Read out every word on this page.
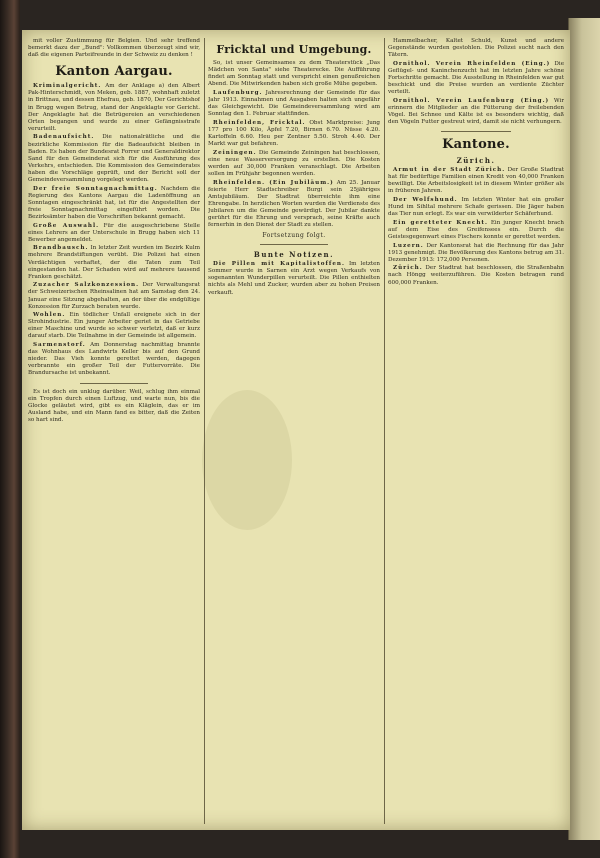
mit voller Zustimmung für Belgien. Und sehr treffend bemerkt dazu der „Bund": Vollkommen überzeugt sind wir, daß die eigenen Parteifreunde in der Schweiz zu denken !

Kanton Aargau.

Kriminalgericht. Am der Anklage a) den Albert Pak-Hinterschmidt, von Meken, geb. 1887, wohnhaft zuletzt in Brittnau, und dessen Ehefrau, geb. 1870, Der Gerichtshof in Brugg wegen Betrug, stand der Angeklagte vor Gericht. Der Angeklagte hat die Betrügereien an verschiedenen Orten begangen und wurde zu einer Gefängnisstrafe verurteilt.

Badenaufsicht. Die nationalrätliche und die bezirkliche Kommission für die Badeaufsicht bleiben in Baden. Es haben der Bundesrat Forrer und Generaldirektor Sand für den Gemeinderat sich für die Ausführung des Verkehrs, entschieden. Die Kommission des Gemeinderates haben die Vorschläge geprüft, und der Bericht soll der Gemeindeversammlung vorgelegt werden.

Der freie Sonntagnachmittag. Nachdem die Regierung des Kantons Aargau die Ladenöffnung an Sonntagen eingeschränkt hat, ist für die Angestellten der freie Sonntagnachmittag eingeführt worden. Die Bezirksämter haben die Vorschriften bekannt gemacht.

Große Auswahl. Für die ausgeschriebene Stelle eines Lehrers an der Unterschule in Brugg haben sich 11 Bewerber angemeldet.

Brandbausch. In letzter Zeit wurden im Bezirk Kulm mehrere Brandstiftungen verübt. Die Polizei hat einen Verdächtigen verhaftet, der die Taten zum Teil eingestanden hat. Der Schaden wird auf mehrere tausend Franken geschätzt.

Zuzacher Salzkonzession. Der Verwaltungsrat der Schweizerischen Rheinsalinen hat am Samstag den 24. Januar eine Sitzung abgehalten, an der über die endgültige Konzession für Zurzach beraten wurde.

Wohlen. Ein tödlicher Unfall ereignete sich in der Strohindustrie. Ein junger Arbeiter geriet in das Getriebe einer Maschine und wurde so schwer verletzt, daß er kurz darauf starb. Die Teilnahme in der Gemeinde ist allgemein.

Sarmenstorf. Am Donnerstag nachmittag brannte das Wohnhaus des Landwirts Keller bis auf den Grund nieder. Das Vieh konnte gerettet werden, dagegen verbrannte ein großer Teil der Futtervorräte. Die Brandursache ist unbekannt.

Es ist doch ein unklug darüber. Weil, schlug ihm einmal ein Tropfen durch einen Luftzug, und warte nun, bis die Glocke geläutet wird, gibt es ein Kläglein, das er im Ausland habe, und ein Mann fand es bitter, daß die Zeiten so hart sind.

Fricktal und Umgebung.

So, ist unser Gemeinsames zu dem Theaterstück „Das Mädchen von Santa" siehe Theaterecke. Die Aufführung findet am Sonntag statt und verspricht einen genußreichen Abend. Die Mitwirkenden haben sich große Mühe gegeben.

Laufenburg. Jahresrechnung der Gemeinde für das Jahr 1913. Einnahmen und Ausgaben halten sich ungefähr das Gleichgewicht. Die Gemeindeversammlung wird am Sonntag den 1. Februar stattfinden.

Rheinfelden, Fricktal. Obst Marktpreise: Jung 177 pro 100 Kilo, Äpfel 7.20, Birnen 6.70. Nüsse 4.20. Kartoffeln 6.60. Heu per Zentner 5.50. Stroh 4.40. Der Markt war gut befahren.

Zeiningen. Die Gemeinde Zeiningen hat beschlossen, eine neue Wasserversorgung zu erstellen. Die Kosten werden auf 30,000 Franken veranschlagt. Die Arbeiten sollen im Frühjahr begonnen werden.

Rheinfelden. (Ein Jubiläum.) Am 25. Januar feierte Herr Stadtschreiber Burgi sein 25jähriges Amtsjubiläum. Der Stadtrat überreichte ihm eine Ehrengabe. In herzlichen Worten wurden die Verdienste des Jubilaren um die Gemeinde gewürdigt. Der Jubilar dankte gerührt für die Ehrung und versprach, seine Kräfte auch fernerhin in den Dienst der Stadt zu stellen.

Fortsetzung folgt.
Bunte Notizen.

Die Pillen mit Kapitalistoffen. Im letzten Sommer wurde in Sarnen ein Arzt wegen Verkaufs von sogenannten Wunderpillen verurteilt. Die Pillen enthielten nichts als Mehl und Zucker, wurden aber zu hohen Preisen verkauft.

Hammelbacher, Kaltet Schuld, Kunst und andere Gegenstände wurden gestohlen. Die Polizei sucht nach den Tätern.

Ornithol. Verein Rheinfelden (Eing.) Die Geflügel- und Kaninchenzucht hat im letzten Jahre schöne Fortschritte gemacht. Die Ausstellung in Rheinfelden war gut beschickt und die Preise wurden an verdiente Züchter verteilt.

Ornithol. Verein Laufenburg (Eing.) Wir erinnern die Mitglieder an die Fütterung der freilebenden Vögel. Bei Schnee und Kälte ist es besonders wichtig, daß den Vögeln Futter gestreut wird, damit sie nicht verhungern.

Kantone.
Zürich.

Armut in der Stadt Zürich. Der Große Stadtrat hat für bedürftige Familien einen Kredit von 40,000 Franken bewilligt. Die Arbeitslosigkeit ist in diesem Winter größer als in früheren Jahren.

Der Wolfshund. Im letzten Winter hat ein großer Hund im Sihltal mehrere Schafe gerissen. Die Jäger haben das Tier nun erlegt. Es war ein verwilderter Schäferhund.

Ein geretteter Knecht. Ein junger Knecht brach auf dem Eise des Greifensees ein. Durch die Geistesgegenwart eines Fischers konnte er gerettet werden.

Luzern. Der Kantonsrat hat die Rechnung für das Jahr 1913 genehmigt. Die Bevölkerung des Kantons betrug am 31. Dezember 1913: 172,000 Personen.

Zürich. Der Stadtrat hat beschlossen, die Straßenbahn nach Höngg weiterzuführen. Die Kosten betragen rund 600,000 Franken.
